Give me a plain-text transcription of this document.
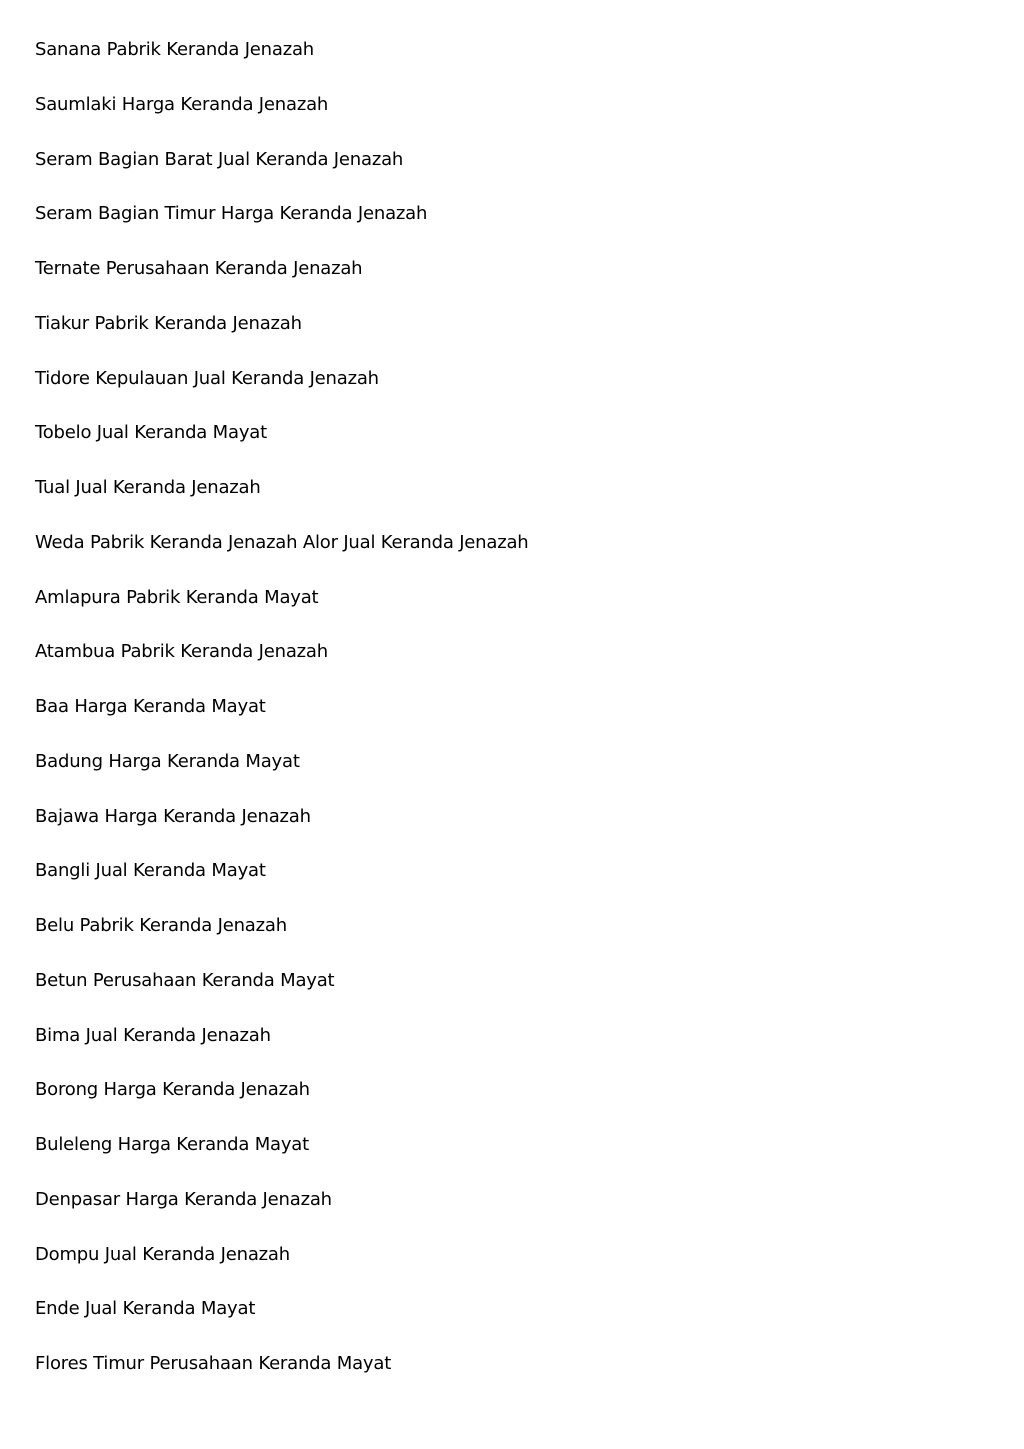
Sanana Pabrik Keranda Jenazah
Saumlaki Harga Keranda Jenazah
Seram Bagian Barat Jual Keranda Jenazah
Seram Bagian Timur Harga Keranda Jenazah
Ternate Perusahaan Keranda Jenazah
Tiakur Pabrik Keranda Jenazah
Tidore Kepulauan Jual Keranda Jenazah
Tobelo Jual Keranda Mayat
Tual Jual Keranda Jenazah
Weda Pabrik Keranda Jenazah Alor Jual Keranda Jenazah
Amlapura Pabrik Keranda Mayat
Atambua Pabrik Keranda Jenazah
Baa Harga Keranda Mayat
Badung Harga Keranda Mayat
Bajawa Harga Keranda Jenazah
Bangli Jual Keranda Mayat
Belu Pabrik Keranda Jenazah
Betun Perusahaan Keranda Mayat
Bima Jual Keranda Jenazah
Borong Harga Keranda Jenazah
Buleleng Harga Keranda Mayat
Denpasar Harga Keranda Jenazah
Dompu Jual Keranda Jenazah
Ende Jual Keranda Mayat
Flores Timur Perusahaan Keranda Mayat
